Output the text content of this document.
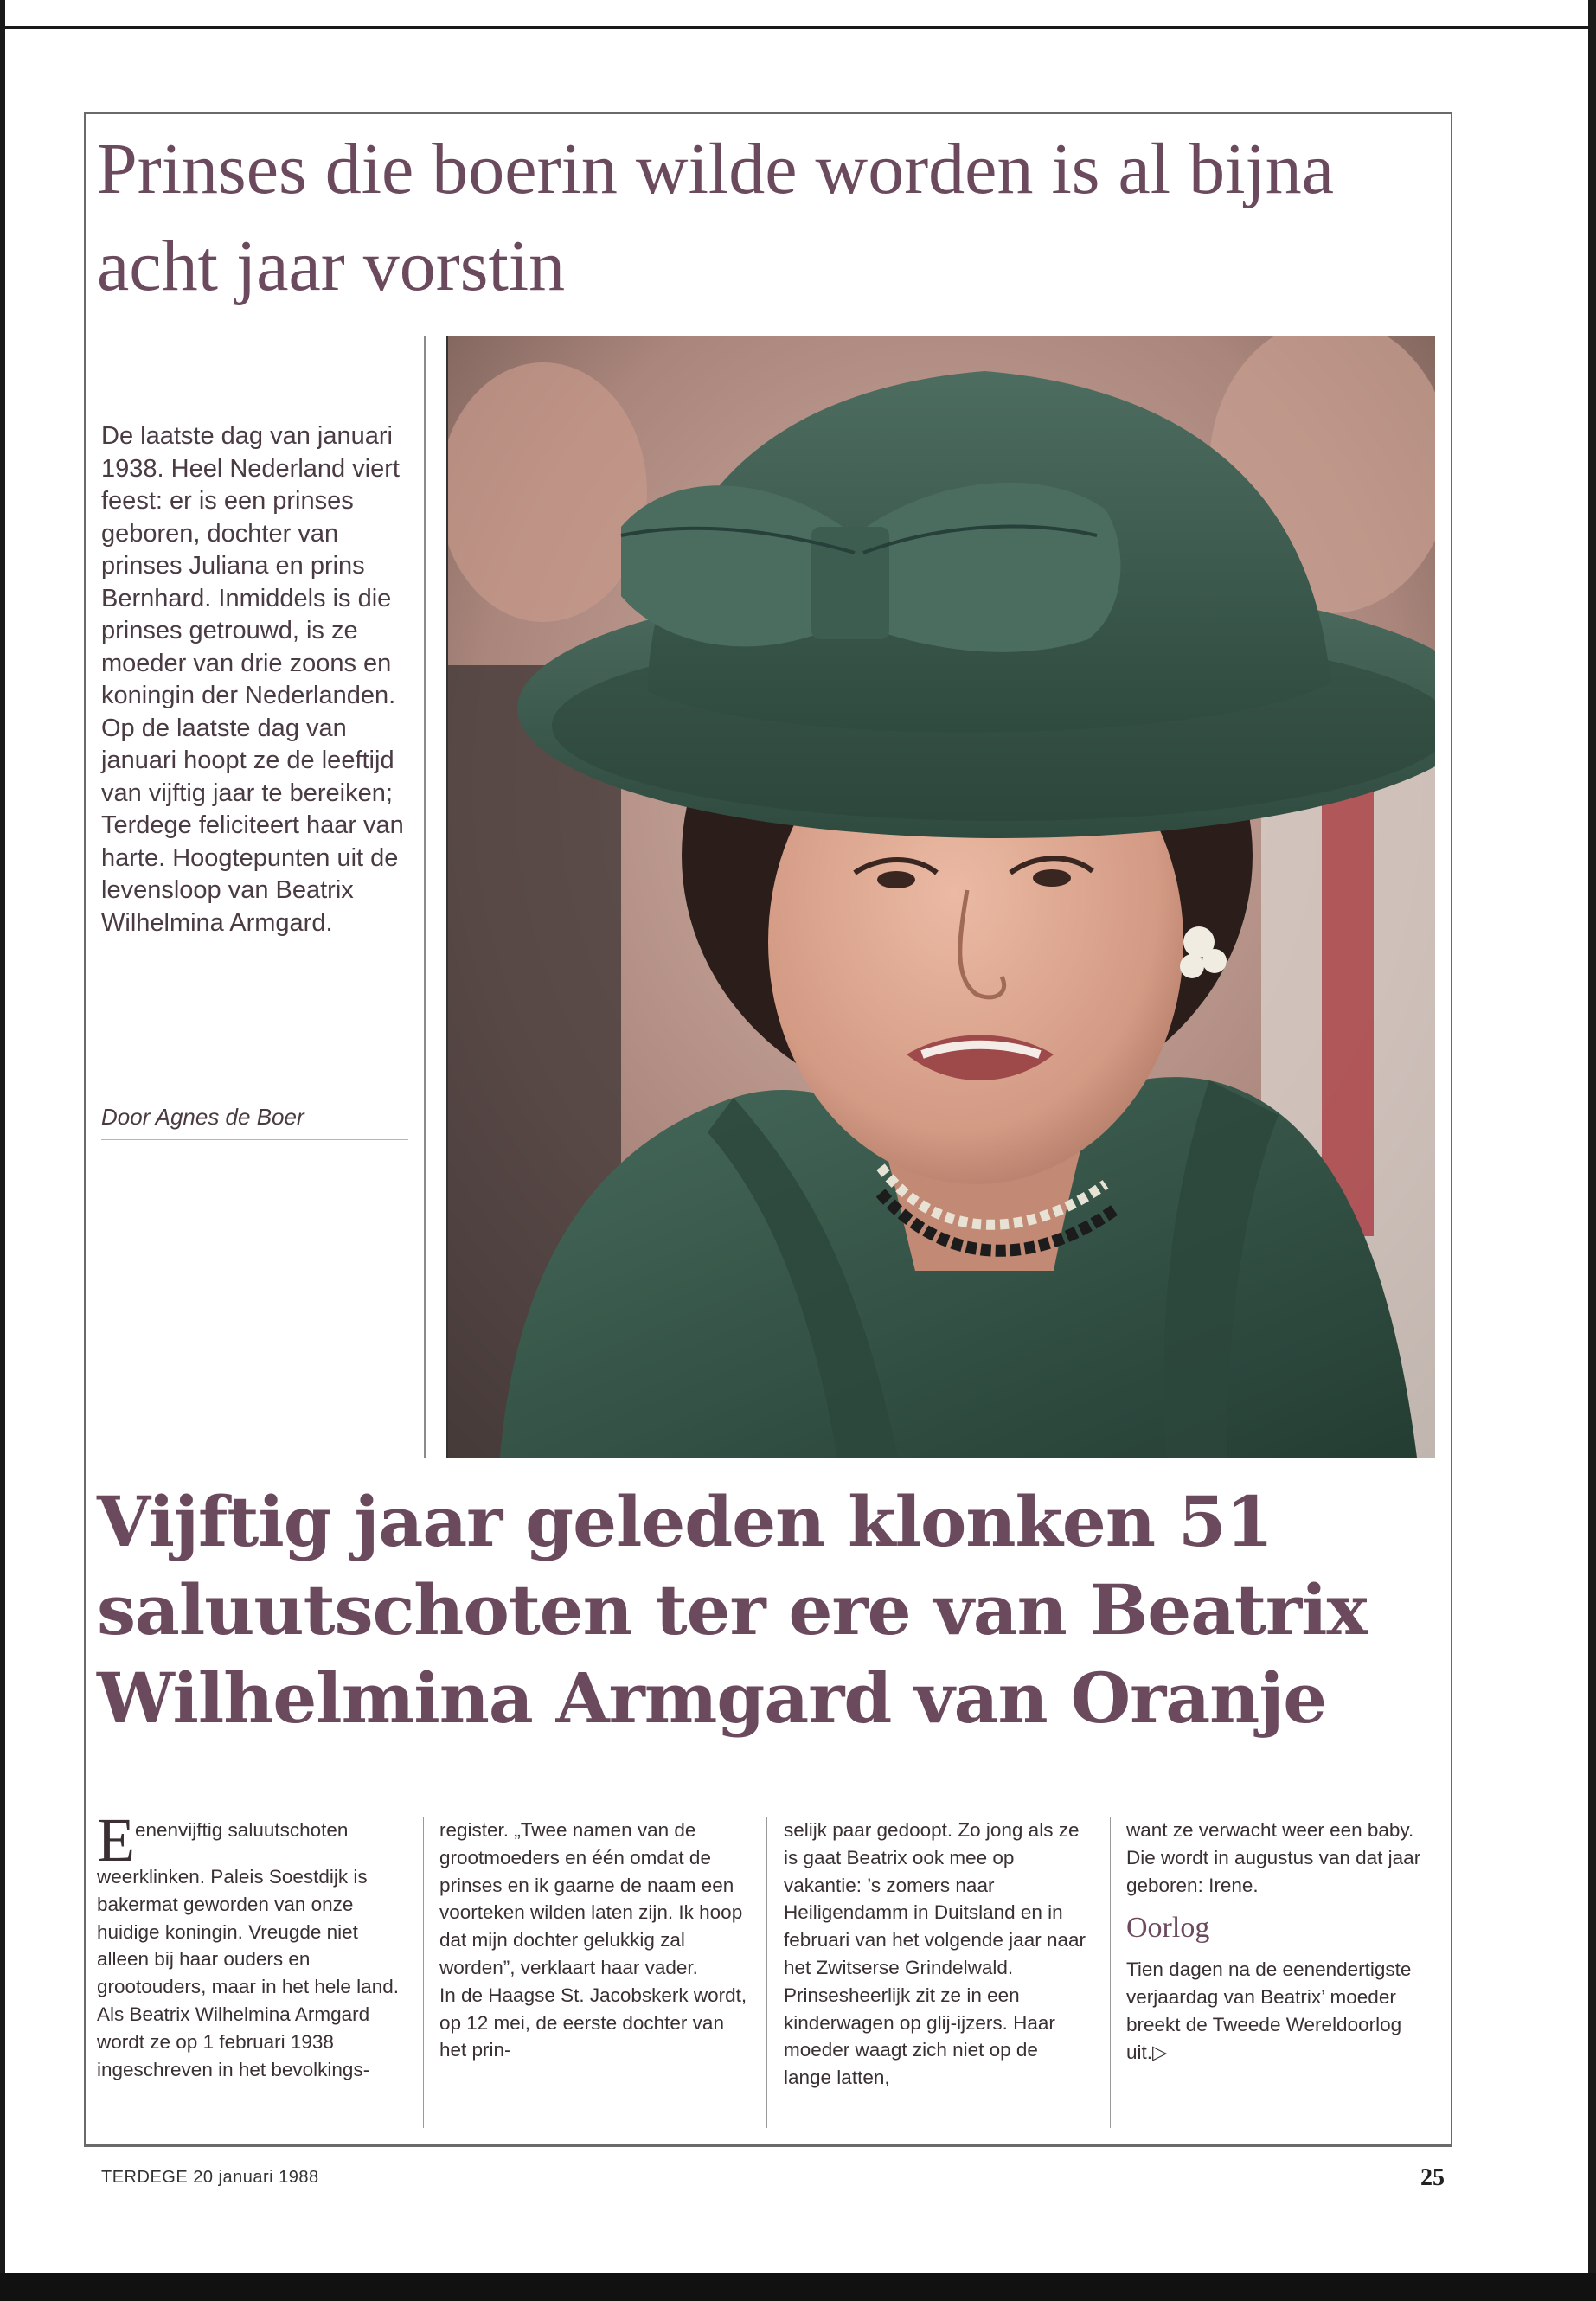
Prinses die boerin wilde worden is al bijna acht jaar vorstin

De laatste dag van januari 1938. Heel Nederland viert feest: er is een prinses geboren, dochter van prinses Juliana en prins Bernhard. Inmiddels is die prinses getrouwd, is ze moeder van drie zoons en koningin der Nederlanden. Op de laatste dag van januari hoopt ze de leeftijd van vijftig jaar te bereiken; Terdege feliciteert haar van harte. Hoogtepunten uit de levensloop van Beatrix Wilhelmina Armgard.

Door Agnes de Boer
Vijftig jaar geleden klonken 51 saluutschoten ter ere van Beatrix Wilhelmina Armgard van Oranje
Eenenvijftig saluutschoten weerklinken. Paleis Soestdijk is bakermat geworden van onze huidige koningin. Vreugde niet alleen bij haar ouders en grootouders, maar in het hele land. Als Beatrix Wilhelmina Armgard wordt ze op 1 februari 1938 ingeschreven in het bevolkings-
register. „Twee namen van de grootmoeders en één omdat de prinses en ik gaarne de naam een voorteken wilden laten zijn. Ik hoop dat mijn dochter gelukkig zal worden”, verklaart haar vader.
In de Haagse St. Jacobskerk wordt, op 12 mei, de eerste dochter van het prin-
selijk paar gedoopt. Zo jong als ze is gaat Beatrix ook mee op vakantie: ’s zomers naar Heiligendamm in Duitsland en in februari van het volgende jaar naar het Zwitserse Grindelwald. Prinsesheerlijk zit ze in een kinderwagen op glij-ijzers. Haar moeder waagt zich niet op de lange latten,
want ze verwacht weer een baby. Die wordt in augustus van dat jaar geboren: Irene.
Oorlog
Tien dagen na de eenendertigste verjaardag van Beatrix’ moeder breekt de Tweede Wereldoorlog uit.▷
TERDEGE 20 januari 1988	25
